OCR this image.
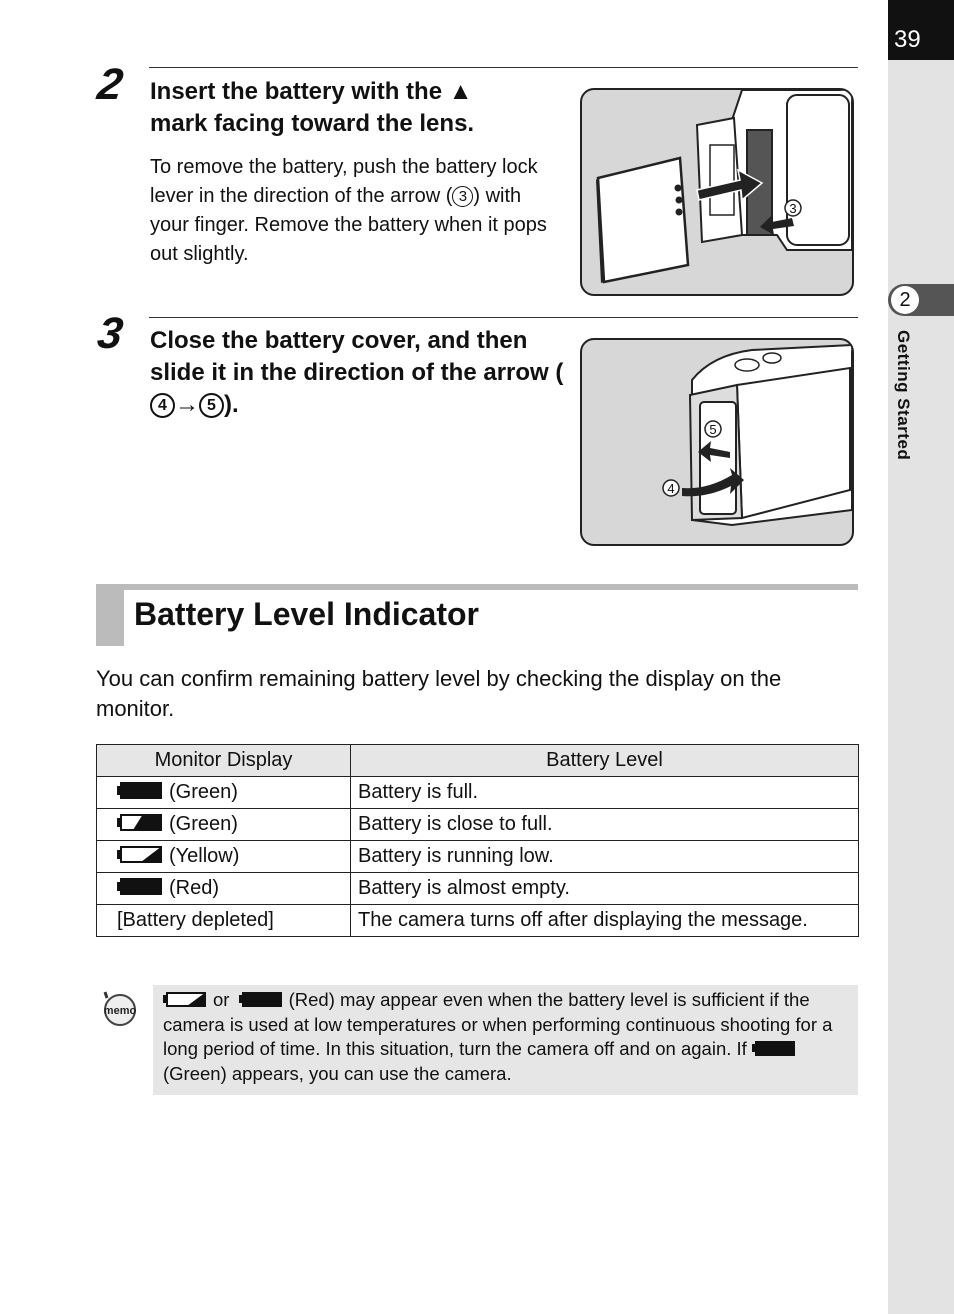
39
2
Getting Started
2 Insert the battery with the ▲
mark facing toward the lens.

To remove the battery, push the battery lock lever in the direction of the arrow ( 3 ) with your finger. Remove the battery when it pops out slightly.

3
3 Close the battery cover, and then slide it in the direction of the arrow (4 → 5 ).

5
4
Battery Level Indicator

You can confirm remaining battery level by checking the display on the monitor.

Monitor Display	Battery Level
(Green)	Battery is full.
(Green)	Battery is close to full.
(Yellow)	Battery is running low.
(Red)	Battery is almost empty.
[Battery depleted]	The camera turns off after displaying the message.
memo

or	(Red) may appear even when the battery level is sufficient if the camera is used at low temperatures or when performing continuous shooting for a long period of time. In this situation, turn the camera off and on again. If (Green) appears, you can use the camera.
